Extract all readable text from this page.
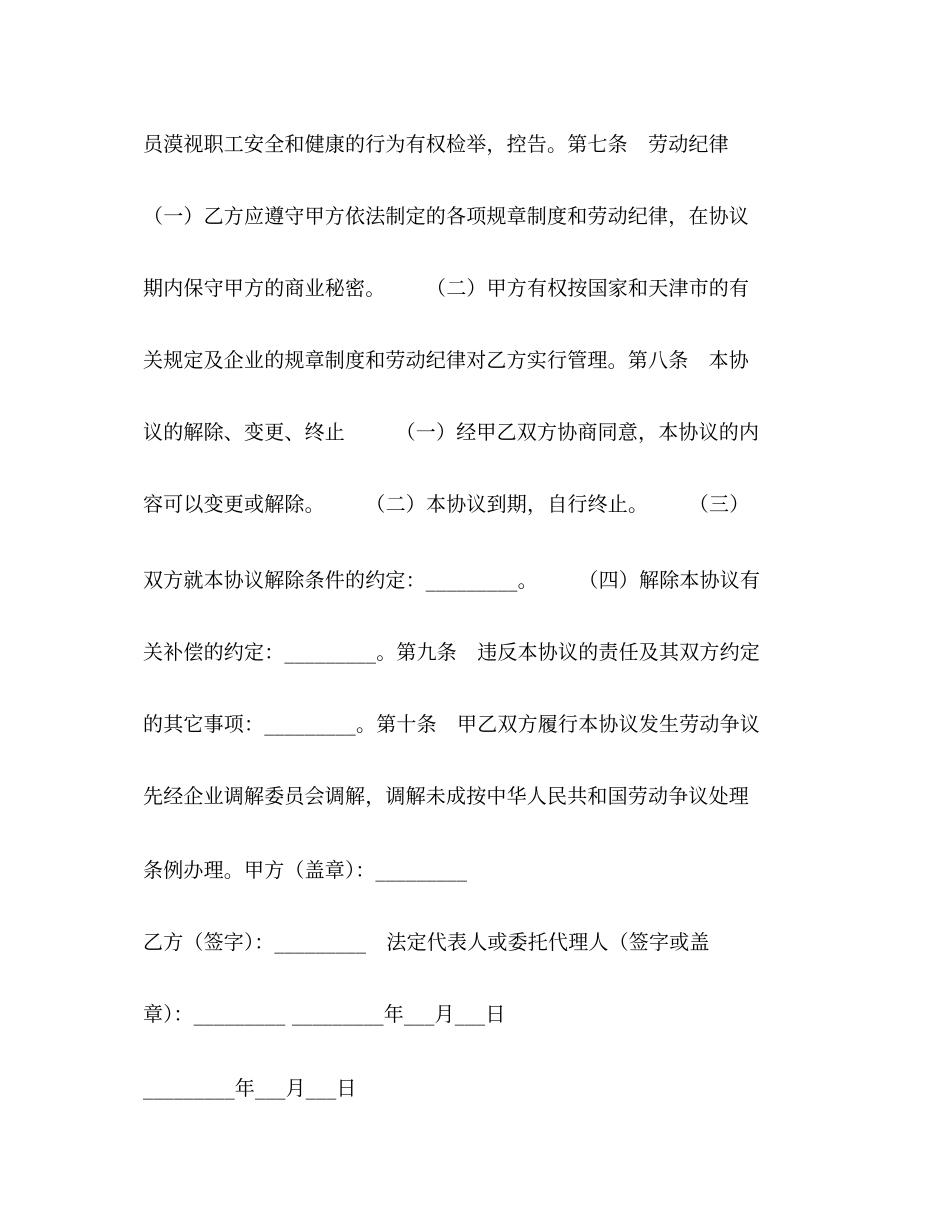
员漠视职工安全和健康的行为有权检举，控告。第七条　劳动纪律
（一）乙方应遵守甲方依法制定的各项规章制度和劳动纪律，在协议
期内保守甲方的商业秘密。　　　（二）甲方有权按国家和天津市的有
关规定及企业的规章制度和劳动纪律对乙方实行管理。第八条　本协
议的解除、变更、终止　　　（一）经甲乙双方协商同意，本协议的内
容可以变更或解除。　　　（二）本协议到期，自行终止。　　　（三）
双方就本协议解除条件的约定：_________。　　　（四）解除本协议有
关补偿的约定：_________。第九条　违反本协议的责任及其双方约定
的其它事项：_________。第十条　甲乙双方履行本协议发生劳动争议
先经企业调解委员会调解，调解未成按中华人民共和国劳动争议处理
条例办理。甲方（盖章）：_________
乙方（签字）：_________　法定代表人或委托代理人（签字或盖
章）：_________ _________年___月___日
_________年___月___日
